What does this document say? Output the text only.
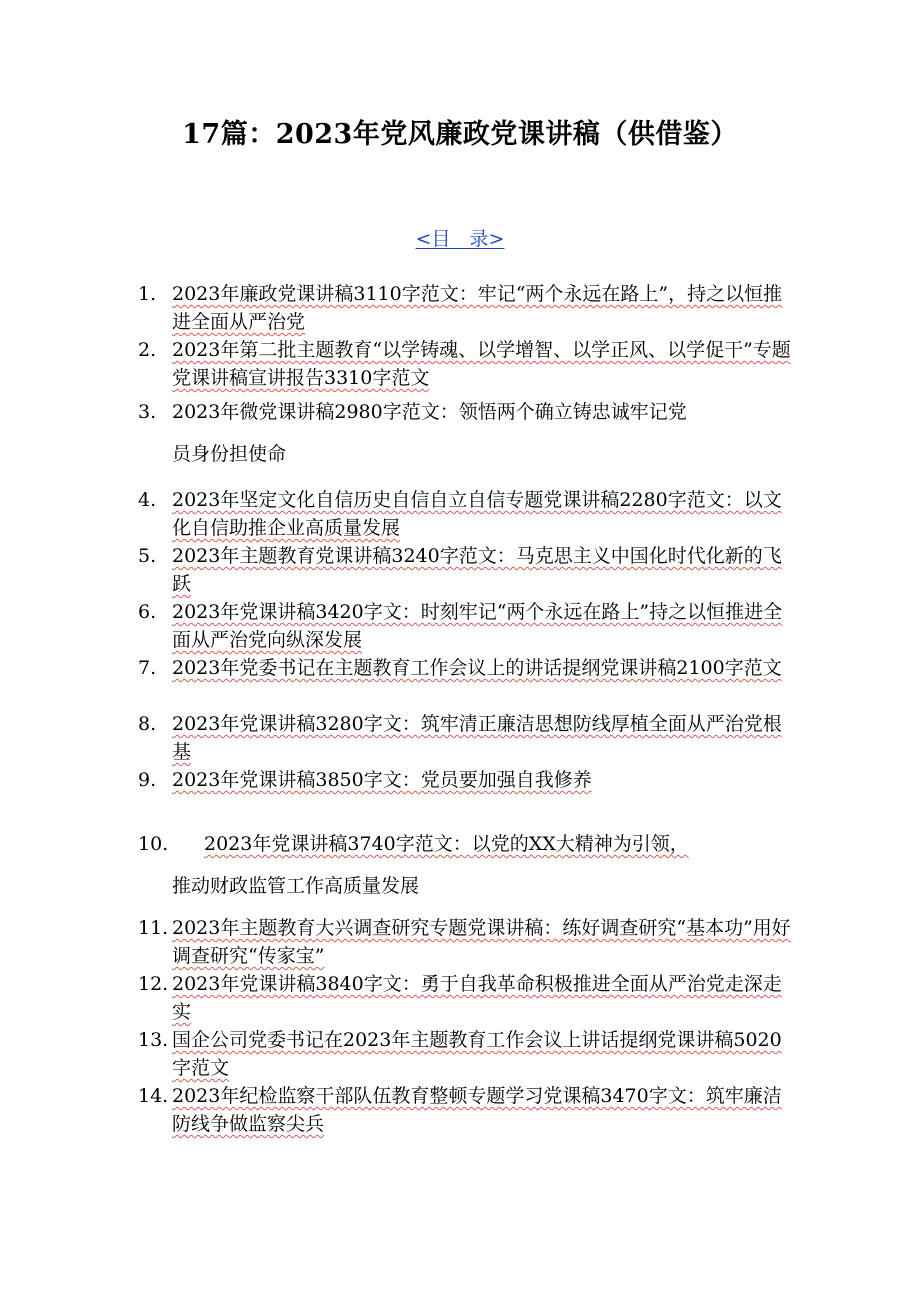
17篇：2023年党风廉政党课讲稿（供借鉴）
<目　录>
1. 2023年廉政党课讲稿3110字范文：牢记“两个永远在路上”，持之以恒推进全面从严治党
2. 2023年第二批主题教育“以学铸魂、以学增智、以学正风、以学促干”专题党课讲稿宣讲报告3310字范文
3. 2023年微党课讲稿2980字范文：领悟两个确立铸忠诚牢记党
员身份担使命
4. 2023年坚定文化自信历史自信自立自信专题党课讲稿2280字范文：以文化自信助推企业高质量发展
5. 2023年主题教育党课讲稿3240字范文：马克思主义中国化时代化新的飞跃
6. 2023年党课讲稿3420字文：时刻牢记“两个永远在路上”持之以恒推进全面从严治党向纵深发展
7. 2023年党委书记在主题教育工作会议上的讲话提纲党课讲稿2100字范文
8. 2023年党课讲稿3280字文：筑牢清正廉洁思想防线厚植全面从严治党根基
9. 2023年党课讲稿3850字文：党员要加强自我修养
10.	2023年党课讲稿3740字范文：以党的XX大精神为引领，
推动财政监管工作高质量发展
11. 2023年主题教育大兴调查研究专题党课讲稿：练好调查研究“基本功”用好调查研究“传家宝”
12. 2023年党课讲稿3840字文：勇于自我革命积极推进全面从严治党走深走实
13. 国企公司党委书记在2023年主题教育工作会议上讲话提纲党课讲稿5020字范文
14. 2023年纪检监察干部队伍教育整顿专题学习党课稿3470字文：筑牢廉洁防线争做监察尖兵
